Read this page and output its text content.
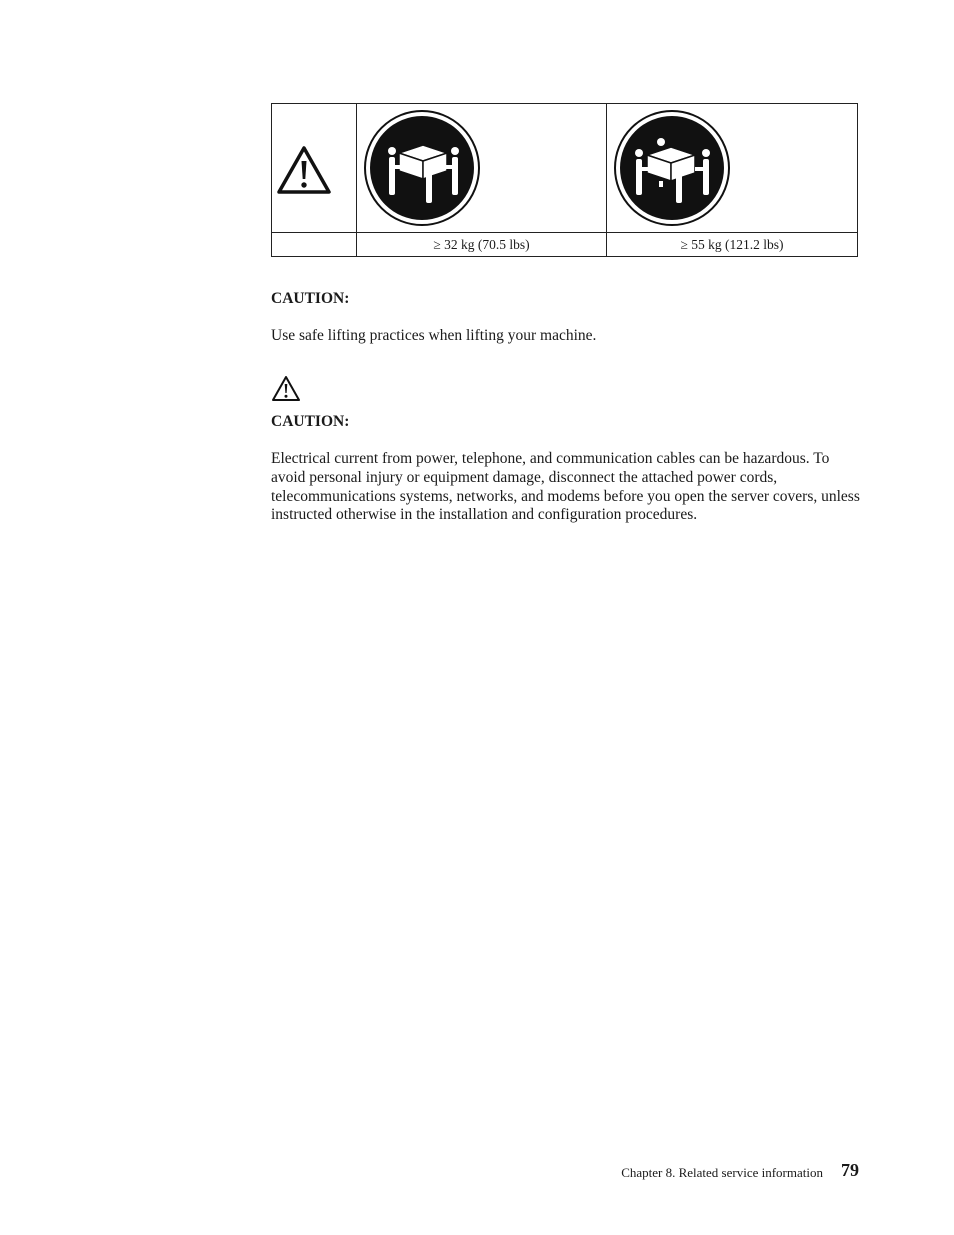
	≥ 32 kg (70.5 lbs)	≥ 55 kg (121.2 lbs)

CAUTION:

Use safe lifting practices when lifting your machine.

CAUTION:

Electrical current from power, telephone, and communication cables can be hazardous. To avoid personal injury or equipment damage, disconnect the attached power cords, telecommunications systems, networks, and modems before you open the server covers, unless instructed otherwise in the installation and configuration procedures.

Chapter 8. Related service information 79
